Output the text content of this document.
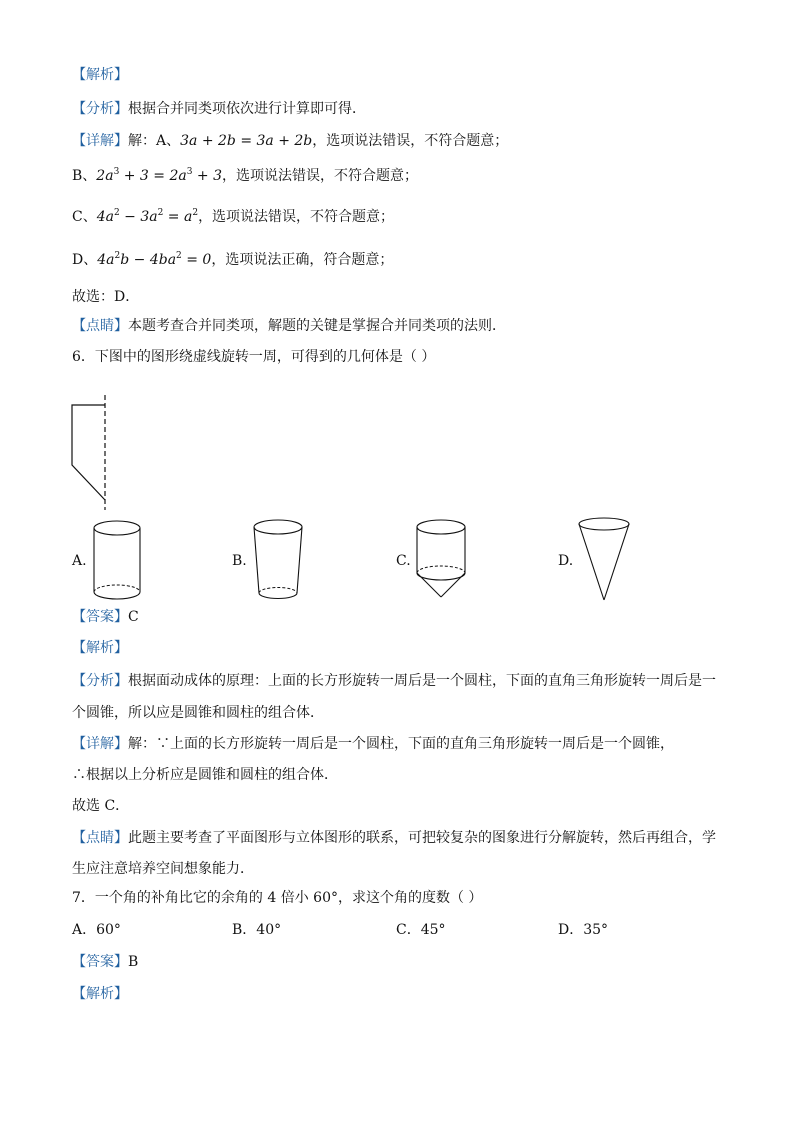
【解析】
【分析】根据合并同类项依次进行计算即可得．
【详解】解：A、3a + 2b = 3a + 2b，选项说法错误，不符合题意；
B、$2a^3 + 3 = 2a^3 + 3$，选项说法错误，不符合题意；
C、$4a^2 - 3a^2 = a^2$，选项说法错误，不符合题意；
D、$4a^2b - 4ba^2 = 0$，选项说法正确，符合题意；
故选：D．
【点睛】本题考查合并同类项，解题的关键是掌握合并同类项的法则．
6．下图中的图形绕虚线旋转一周，可得到的几何体是（ ）
A.	B.	C.	D.
【答案】C
【解析】
【分析】根据面动成体的原理：上面的长方形旋转一周后是一个圆柱，下面的直角三角形旋转一周后是一
个圆锥，所以应是圆锥和圆柱的组合体．
【详解】解：∵上面的长方形旋转一周后是一个圆柱，下面的直角三角形旋转一周后是一个圆锥，
∴根据以上分析应是圆锥和圆柱的组合体．
故选 C．
【点睛】此题主要考查了平面图形与立体图形的联系，可把较复杂的图象进行分解旋转，然后再组合，学
生应注意培养空间想象能力．
7．一个角的补角比它的余角的 4 倍小 60°，求这个角的度数（ ）
A．60°	B．40°	C．45°	D．35°
【答案】B
【解析】
